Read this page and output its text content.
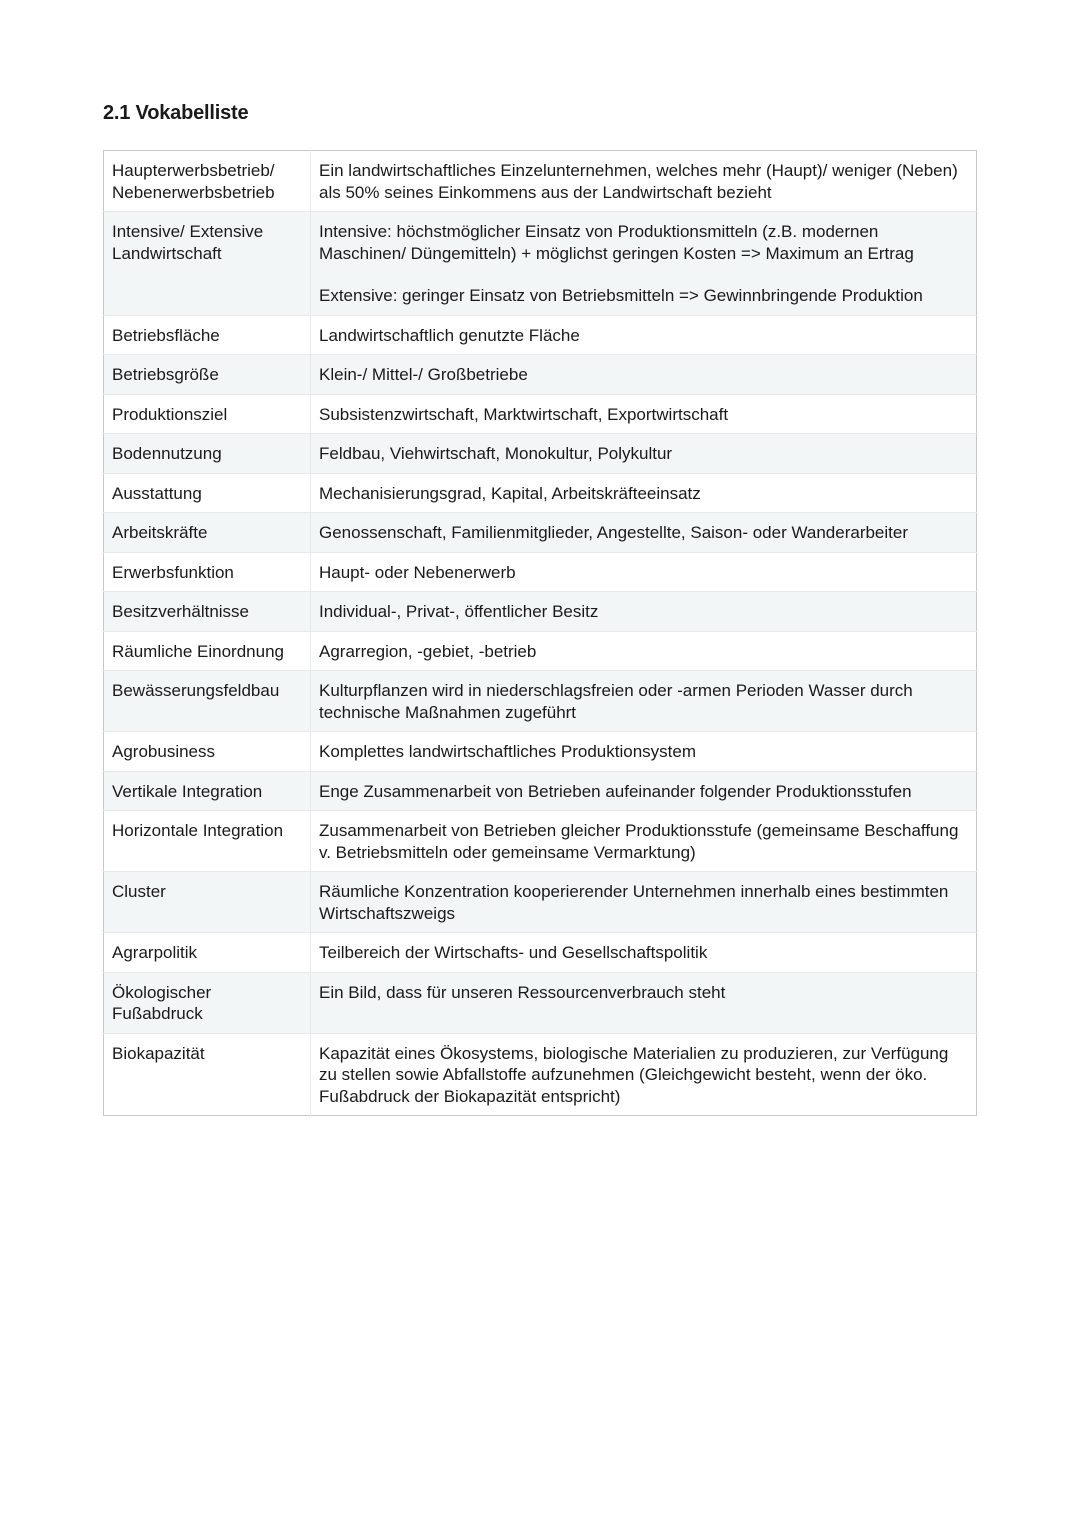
2.1 Vokabelliste
Haupterwerbsbetrieb/ Nebenerwerbsbetrieb	Ein landwirtschaftliches Einzelunternehmen, welches mehr (Haupt)/ weniger (Neben) als 50% seines Einkommens aus der Landwirtschaft bezieht

Intensive/ Extensive Landwirtschaft	Intensive: höchstmöglicher Einsatz von Produktionsmitteln (z.B. modernen Maschinen/ Düngemitteln) + möglichst geringen Kosten => Maximum an Ertrag
Extensive: geringer Einsatz von Betriebsmitteln => Gewinnbringende Produktion

Betriebsfläche	Landwirtschaftlich genutzte Fläche

Betriebsgröße	Klein-/ Mittel-/ Großbetriebe

Produktionsziel	Subsistenzwirtschaft, Marktwirtschaft, Exportwirtschaft

Bodennutzung	Feldbau, Viehwirtschaft, Monokultur, Polykultur

Ausstattung	Mechanisierungsgrad, Kapital, Arbeitskräfteeinsatz

Arbeitskräfte	Genossenschaft, Familienmitglieder, Angestellte, Saison- oder Wanderarbeiter

Erwerbsfunktion	Haupt- oder Nebenerwerb

Besitzverhältnisse	Individual-, Privat-, öffentlicher Besitz

Räumliche Einordnung	Agrarregion, -gebiet, -betrieb

Bewässerungsfeldbau	Kulturpflanzen wird in niederschlagsfreien oder -armen Perioden Wasser durch technische Maßnahmen zugeführt

Agrobusiness	Komplettes landwirtschaftliches Produktionsystem

Vertikale Integration	Enge Zusammenarbeit von Betrieben aufeinander folgender Produktionsstufen

Horizontale Integration	Zusammenarbeit von Betrieben gleicher Produktionsstufe (gemeinsame Beschaffung v. Betriebsmitteln oder gemeinsame Vermarktung)

Cluster	Räumliche Konzentration kooperierender Unternehmen innerhalb eines bestimmten Wirtschaftszweigs

Agrarpolitik	Teilbereich der Wirtschafts- und Gesellschaftspolitik

Ökologischer Fußabdruck	Ein Bild, dass für unseren Ressourcenverbrauch steht

Biokapazität	Kapazität eines Ökosystems, biologische Materialien zu produzieren, zur Verfügung zu stellen sowie Abfallstoffe aufzunehmen (Gleichgewicht besteht, wenn der öko. Fußabdruck der Biokapazität entspricht)
